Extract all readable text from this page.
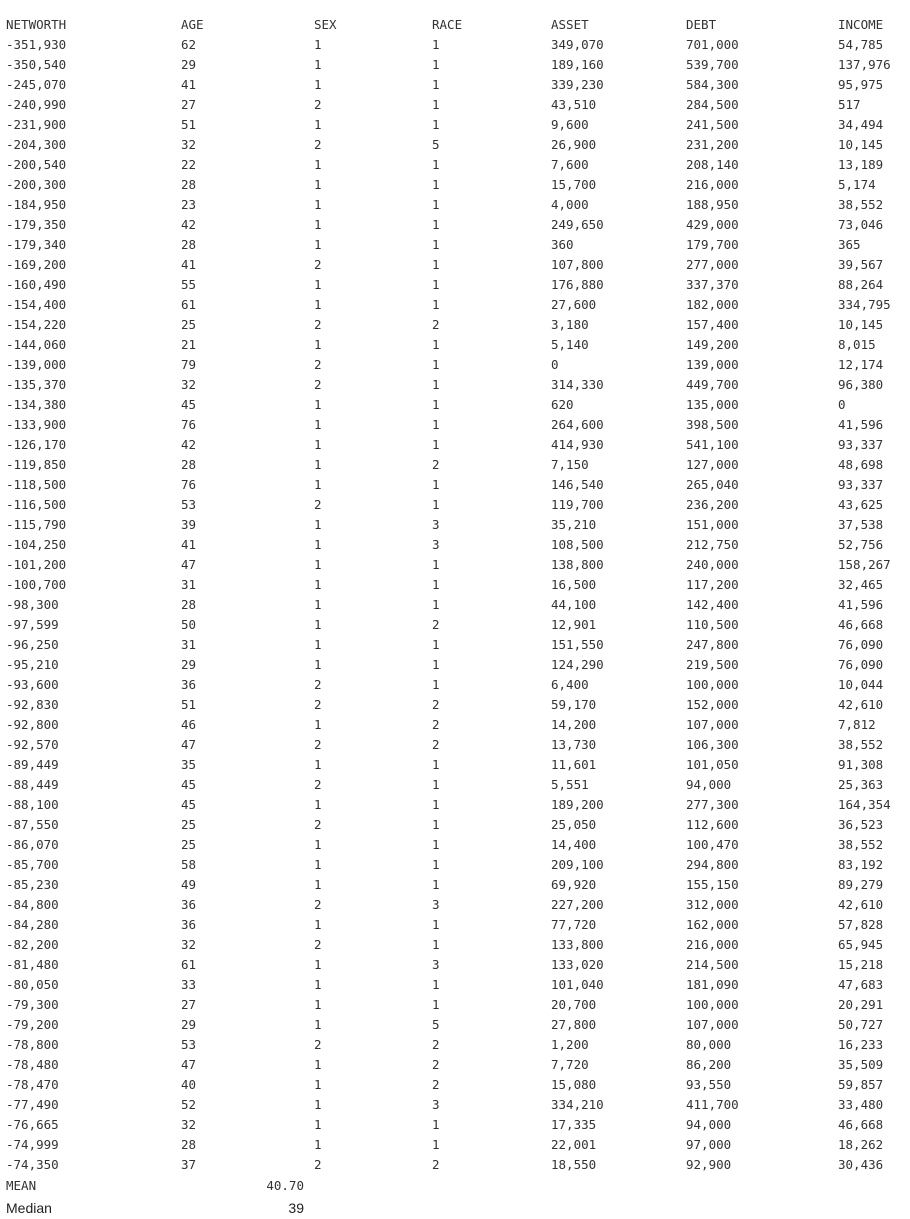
NETWORTH	AGE	SEX	RACE	ASSET	DEBT	INCOME
-351,930	62	1	1	349,070	701,000	54,785
-350,540	29	1	1	189,160	539,700	137,976
-245,070	41	1	1	339,230	584,300	95,975
-240,990	27	2	1	43,510	284,500	517
-231,900	51	1	1	9,600	241,500	34,494
-204,300	32	2	5	26,900	231,200	10,145
-200,540	22	1	1	7,600	208,140	13,189
-200,300	28	1	1	15,700	216,000	5,174
-184,950	23	1	1	4,000	188,950	38,552
-179,350	42	1	1	249,650	429,000	73,046
-179,340	28	1	1	360	179,700	365
-169,200	41	2	1	107,800	277,000	39,567
-160,490	55	1	1	176,880	337,370	88,264
-154,400	61	1	1	27,600	182,000	334,795
-154,220	25	2	2	3,180	157,400	10,145
-144,060	21	1	1	5,140	149,200	8,015
-139,000	79	2	1	0	139,000	12,174
-135,370	32	2	1	314,330	449,700	96,380
-134,380	45	1	1	620	135,000	0
-133,900	76	1	1	264,600	398,500	41,596
-126,170	42	1	1	414,930	541,100	93,337
-119,850	28	1	2	7,150	127,000	48,698
-118,500	76	1	1	146,540	265,040	93,337
-116,500	53	2	1	119,700	236,200	43,625
-115,790	39	1	3	35,210	151,000	37,538
-104,250	41	1	3	108,500	212,750	52,756
-101,200	47	1	1	138,800	240,000	158,267
-100,700	31	1	1	16,500	117,200	32,465
-98,300	28	1	1	44,100	142,400	41,596
-97,599	50	1	2	12,901	110,500	46,668
-96,250	31	1	1	151,550	247,800	76,090
-95,210	29	1	1	124,290	219,500	76,090
-93,600	36	2	1	6,400	100,000	10,044
-92,830	51	2	2	59,170	152,000	42,610
-92,800	46	1	2	14,200	107,000	7,812
-92,570	47	2	2	13,730	106,300	38,552
-89,449	35	1	1	11,601	101,050	91,308
-88,449	45	2	1	5,551	94,000	25,363
-88,100	45	1	1	189,200	277,300	164,354
-87,550	25	2	1	25,050	112,600	36,523
-86,070	25	1	1	14,400	100,470	38,552
-85,700	58	1	1	209,100	294,800	83,192
-85,230	49	1	1	69,920	155,150	89,279
-84,800	36	2	3	227,200	312,000	42,610
-84,280	36	1	1	77,720	162,000	57,828
-82,200	32	2	1	133,800	216,000	65,945
-81,480	61	1	3	133,020	214,500	15,218
-80,050	33	1	1	101,040	181,090	47,683
-79,300	27	1	1	20,700	100,000	20,291
-79,200	29	1	5	27,800	107,000	50,727
-78,800	53	2	2	1,200	80,000	16,233
-78,480	47	1	2	7,720	86,200	35,509
-78,470	40	1	2	15,080	93,550	59,857
-77,490	52	1	3	334,210	411,700	33,480
-76,665	32	1	1	17,335	94,000	46,668
-74,999	28	1	1	22,001	97,000	18,262
-74,350	37	2	2	18,550	92,900	30,436
MEAN	40.70
Median	39
